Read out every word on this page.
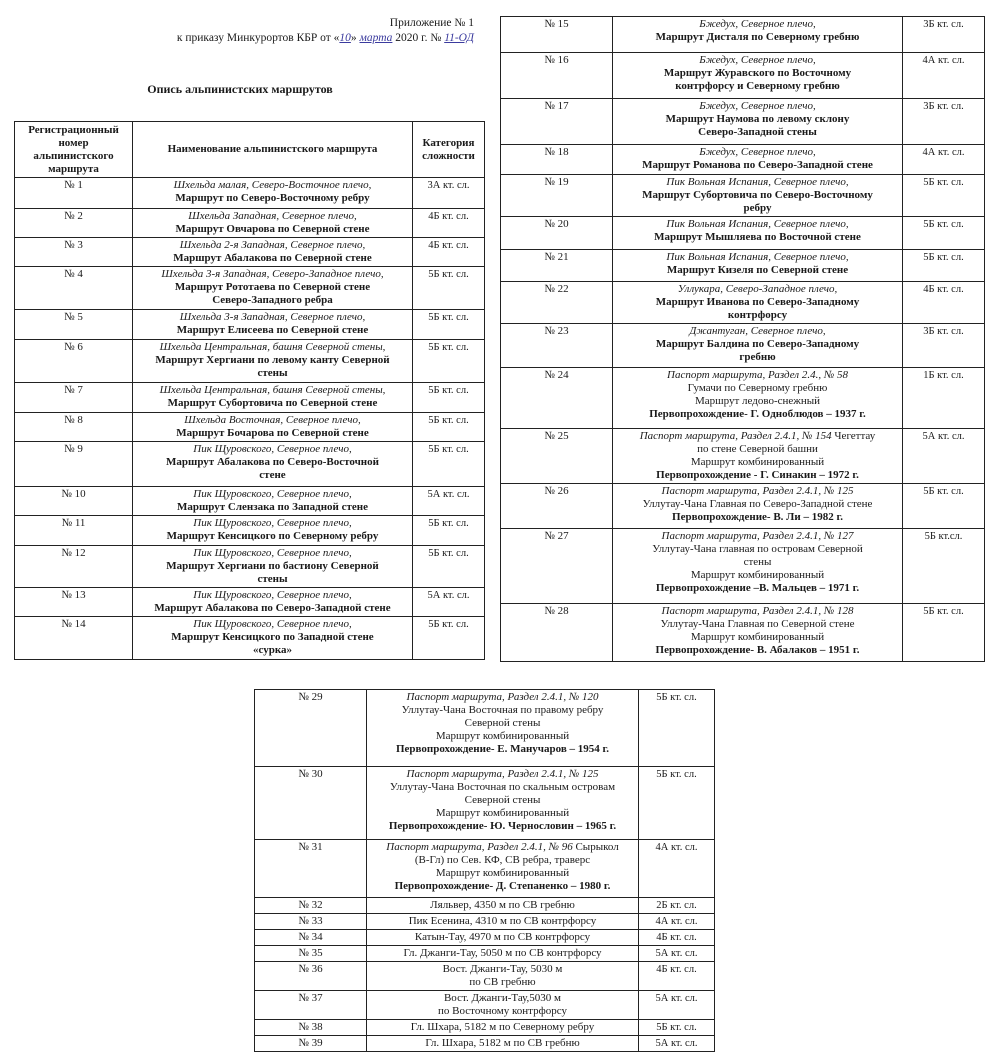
Приложение № 1
к приказу Минкурортов КБР от «10» марта 2020 г. № 11-ОД
Опись альпинистских маршрутов
Регистрационный номер альпинистского маршрута	Наименование альпинистского маршрута	Категория сложности
№ 1	Шхельда малая, Северо-Восточное плечо,
Маршрут по Северо-Восточному ребру	3А кт. сл.
№ 2	Шхельда Западная, Северное плечо,
Маршрут Овчарова по Северной стене	4Б кт. сл.
№ 3	Шхельда 2-я Западная, Северное плечо,
Маршрут Абалакова по Северной стене	4Б кт. сл.
№ 4	Шхельда 3-я Западная, Северо-Западное плечо,
Маршрут Рототаева по Северной стене
Северо-Западного ребра	5Б кт. сл.
№ 5	Шхельда 3-я Западная, Северное плечо,
Маршрут Елисеева по Северной стене	5Б кт. сл.
№ 6	Шхельда Центральная, башня Северной стены,
Маршрут Хергиани по левому канту Северной
стены	5Б кт. сл.
№ 7	Шхельда Центральная, башня Северной стены,
Маршрут Субортовича по Северной стене	5Б кт. сл.
№ 8	Шхельда Восточная, Северное плечо,
Маршрут Бочарова по Северной стене	5Б кт. сл.
№ 9	Пик Щуровского, Северное плечо,
Маршрут Абалакова по Северо-Восточной
стене	5Б кт. сл.
№ 10	Пик Щуровского, Северное плечо,
Маршрут Слензака по Западной стене	5А кт. сл.
№ 11	Пик Щуровского, Северное плечо,
Маршрут Кенсицкого по Северному ребру	5Б кт. сл.
№ 12	Пик Щуровского, Северное плечо,
Маршрут Хергиани по бастиону Северной
стены	5Б кт. сл.
№ 13	Пик Щуровского, Северное плечо,
Маршрут Абалакова по Северо-Западной стене	5А кт. сл.
№ 14	Пик Щуровского, Северное плечо,
Маршрут Кенсицкого по Западной стене
«сурка»	5Б кт. сл.
№ 15	Бжедух, Северное плечо,
Маршрут Дисталя по Северному гребню	3Б кт. сл.
№ 16	Бжедух, Северное плечо,
Маршрут Журавского по Восточному
контрфорсу и Северному гребню	4А кт. сл.
№ 17	Бжедух, Северное плечо,
Маршрут Наумова по левому склону
Северо-Западной стены	3Б кт. сл.
№ 18	Бжедух, Северное плечо,
Маршрут Романова по Северо-Западной стене	4А кт. сл.
№ 19	Пик Вольная Испания, Северное плечо,
Маршрут Субортовича по Северо-Восточному
ребру	5Б кт. сл.
№ 20	Пик Вольная Испания, Северное плечо,
Маршрут Мышляева по Восточной стене	5Б кт. сл.
№ 21	Пик Вольная Испания, Северное плечо,
Маршрут Кизеля по Северной стене	5Б кт. сл.
№ 22	Уллукара, Северо-Западное плечо,
Маршрут Иванова по Северо-Западному
контрфорсу	4Б кт. сл.
№ 23	Джантуган, Северное плечо,
Маршрут Балдина по Северо-Западному
гребню	3Б кт. сл.
№ 24	Паспорт маршрута, Раздел 2.4., № 58
Гумачи по Северному гребню
Маршрут ледово-снежный
Первопрохождение- Г. Одноблюдов – 1937 г.	1Б кт. сл.
№ 25	Паспорт маршрута, Раздел 2.4.1, № 154 Чегеттау
по стене Северной башни
Маршрут комбинированный
Первопрохождение - Г. Синакин – 1972 г.	5А кт. сл.
№ 26	Паспорт маршрута, Раздел 2.4.1, № 125
Уллутау-Чана Главная по Северо-Западной стене
Первопрохождение- В. Ли – 1982 г.	5Б кт. сл.
№ 27	Паспорт маршрута, Раздел 2.4.1, № 127
Уллутау-Чана главная по островам Северной
стены
Маршрут комбинированный
Первопрохождение –В. Мальцев – 1971 г.	5Б кт.сл.
№ 28	Паспорт маршрута, Раздел 2.4.1, № 128
Уллутау-Чана Главная по Северной стене
Маршрут комбинированный
Первопрохождение- В. Абалаков – 1951 г.	5Б кт. сл.
№ 29	Паспорт маршрута, Раздел 2.4.1, № 120
Уллутау-Чана Восточная по правому ребру
Северной стены
Маршрут комбинированный
Первопрохождение- Е. Манучаров – 1954 г.	5Б кт. сл.
№ 30	Паспорт маршрута, Раздел 2.4.1, № 125
Уллутау-Чана Восточная по скальным островам
Северной стены
Маршрут комбинированный
Первопрохождение- Ю. Чернословин – 1965 г.	5Б кт. сл.
№ 31	Паспорт маршрута, Раздел 2.4.1, № 96 Сырыкол
(В-Гл) по Сев. КФ, СВ ребра, траверс
Маршрут комбинированный
Первопрохождение- Д. Степаненко – 1980 г.	4А кт. сл.
№ 32	Ляльвер, 4350 м по СВ гребню	2Б кт. сл.
№ 33	Пик Есенина, 4310 м по СВ контрфорсу	4А кт. сл.
№ 34	Катын-Тау, 4970 м по СВ контрфорсу	4Б кт. сл.
№ 35	Гл. Джанги-Тау, 5050 м по СВ контрфорсу	5А кт. сл.
№ 36	Вост. Джанги-Тау, 5030 м
по СВ гребню	4Б кт. сл.
№ 37	Вост. Джанги-Тау,5030 м
по Восточному контрфорсу	5А кт. сл.
№ 38	Гл. Шхара, 5182 м по Северному ребру	5Б кт. сл.
№ 39	Гл. Шхара, 5182 м по СВ гребню	5А кт. сл.
